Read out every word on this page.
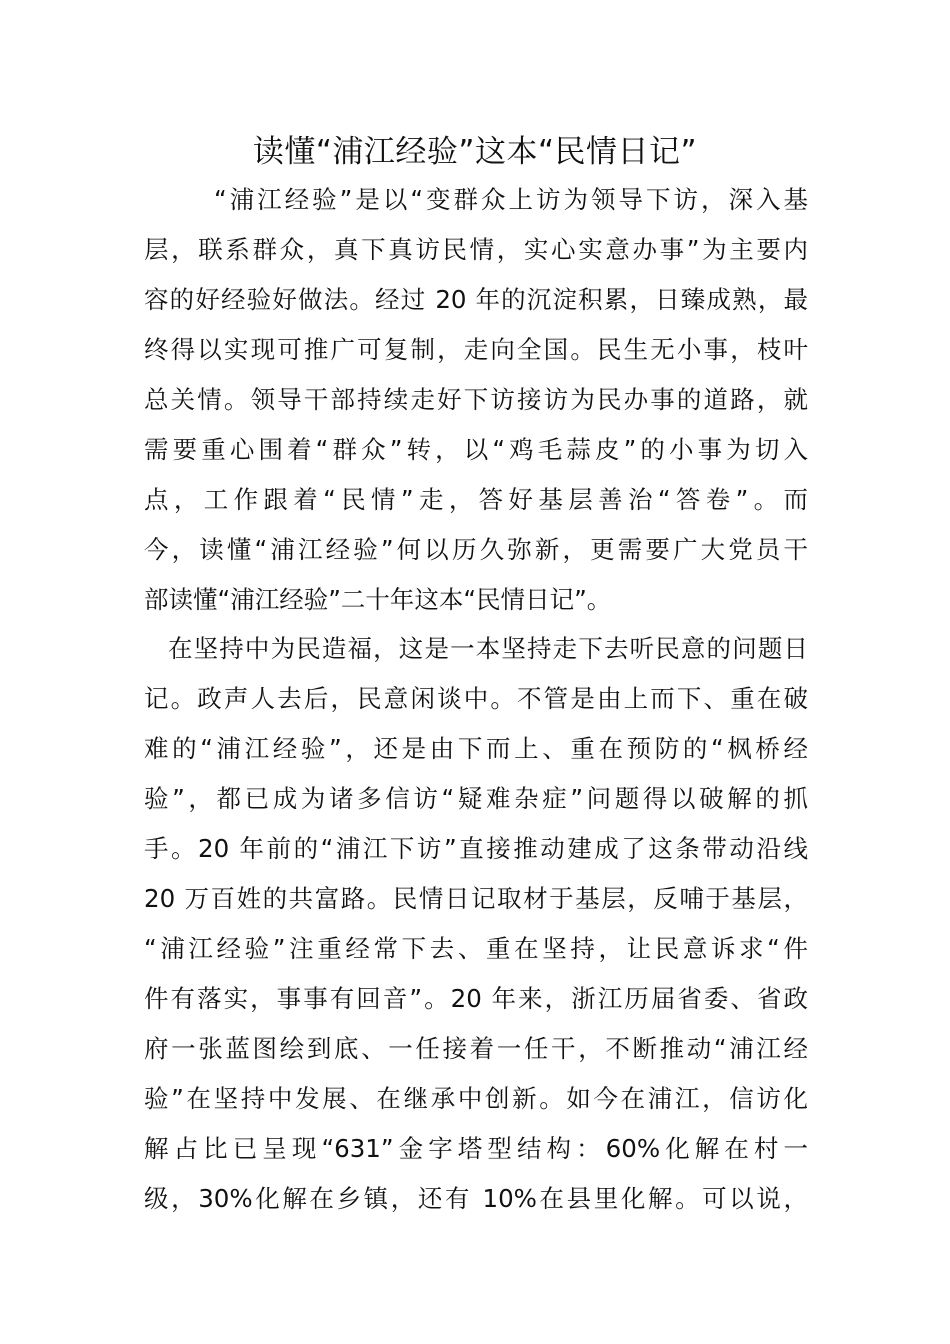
读懂“浦江经验”这本“民情日记”

“浦江经验”是以“变群众上访为领导下访，深入基

层，联系群众，真下真访民情，实心实意办事”为主要内

容的好经验好做法。经过 20 年的沉淀积累，日臻成熟，最

终得以实现可推广可复制，走向全国。民生无小事，枝叶

总关情。领导干部持续走好下访接访为民办事的道路，就

需要重心围着“群众”转，以“鸡毛蒜皮”的小事为切入

点，工作跟着“民情”走，答好基层善治“答卷”。而

今，读懂“浦江经验”何以历久弥新，更需要广大党员干

部读懂“浦江经验”二十年这本“民情日记”。

在坚持中为民造福，这是一本坚持走下去听民意的问题日

记。政声人去后，民意闲谈中。不管是由上而下、重在破

难的“浦江经验”，还是由下而上、重在预防的“枫桥经

验”，都已成为诸多信访“疑难杂症”问题得以破解的抓

手。20 年前的“浦江下访”直接推动建成了这条带动沿线

20 万百姓的共富路。民情日记取材于基层，反哺于基层，

“浦江经验”注重经常下去、重在坚持，让民意诉求“件

件有落实，事事有回音”。20 年来，浙江历届省委、省政

府一张蓝图绘到底、一任接着一任干，不断推动“浦江经

验”在坚持中发展、在继承中创新。如今在浦江，信访化

解占比已呈现“631”金字塔型结构：60%化解在村一

级，30%化解在乡镇，还有 10%在县里化解。可以说，
